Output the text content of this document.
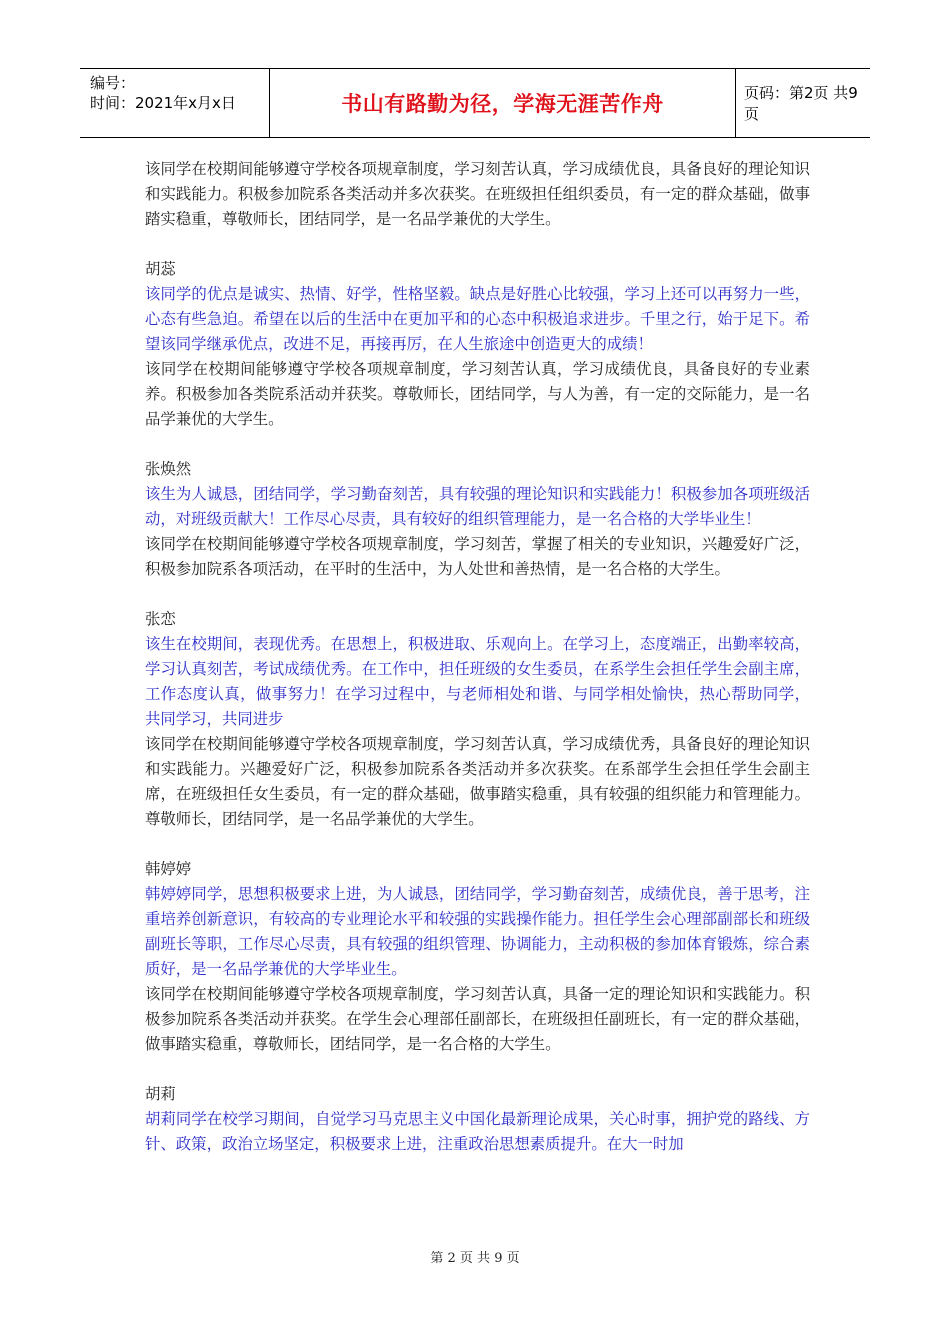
编号：
时间：2021年x月x日	书山有路勤为径，学海无涯苦作舟	页码：第2页 共9页

该同学在校期间能够遵守学校各项规章制度，学习刻苦认真，学习成绩优良，具备良好的理论知识和实践能力。积极参加院系各类活动并多次获奖。在班级担任组织委员，有一定的群众基础，做事踏实稳重，尊敬师长，团结同学，是一名品学兼优的大学生。

胡蕊

该同学的优点是诚实、热情、好学，性格坚毅。缺点是好胜心比较强，学习上还可以再努力一些，心态有些急迫。希望在以后的生活中在更加平和的心态中积极追求进步。千里之行，始于足下。希望该同学继承优点，改进不足，再接再厉，在人生旅途中创造更大的成绩！

该同学在校期间能够遵守学校各项规章制度，学习刻苦认真，学习成绩优良，具备良好的专业素养。积极参加各类院系活动并获奖。尊敬师长，团结同学，与人为善，有一定的交际能力，是一名品学兼优的大学生。

张焕然

该生为人诚恳，团结同学，学习勤奋刻苦，具有较强的理论知识和实践能力！积极参加各项班级活动，对班级贡献大！工作尽心尽责，具有较好的组织管理能力，是一名合格的大学毕业生！

该同学在校期间能够遵守学校各项规章制度，学习刻苦，掌握了相关的专业知识，兴趣爱好广泛，积极参加院系各项活动，在平时的生活中，为人处世和善热情，是一名合格的大学生。

张恋

该生在校期间，表现优秀。在思想上，积极进取、乐观向上。在学习上，态度端正，出勤率较高，学习认真刻苦，考试成绩优秀。在工作中，担任班级的女生委员，在系学生会担任学生会副主席，工作态度认真，做事努力！在学习过程中，与老师相处和谐、与同学相处愉快，热心帮助同学， 共同学习，共同进步

该同学在校期间能够遵守学校各项规章制度，学习刻苦认真，学习成绩优秀，具备良好的理论知识和实践能力。兴趣爱好广泛，积极参加院系各类活动并多次获奖。在系部学生会担任学生会副主席，在班级担任女生委员，有一定的群众基础，做事踏实稳重，具有较强的组织能力和管理能力。尊敬师长，团结同学，是一名品学兼优的大学生。

韩婷婷

韩婷婷同学，思想积极要求上进，为人诚恳，团结同学，学习勤奋刻苦，成绩优良，善于思考，注重培养创新意识，有较高的专业理论水平和较强的实践操作能力。担任学生会心理部副部长和班级副班长等职，工作尽心尽责，具有较强的组织管理、协调能力，主动积极的参加体育锻炼，综合素质好，是一名品学兼优的大学毕业生。

该同学在校期间能够遵守学校各项规章制度，学习刻苦认真，具备一定的理论知识和实践能力。积极参加院系各类活动并获奖。在学生会心理部任副部长，在班级担任副班长，有一定的群众基础，做事踏实稳重，尊敬师长，团结同学，是一名合格的大学生。

胡莉

胡莉同学在校学习期间，自觉学习马克思主义中国化最新理论成果，关心时事，拥护党的路线、方针、政策，政治立场坚定，积极要求上进，注重政治思想素质提升。在大一时加

第 2 页 共 9 页
